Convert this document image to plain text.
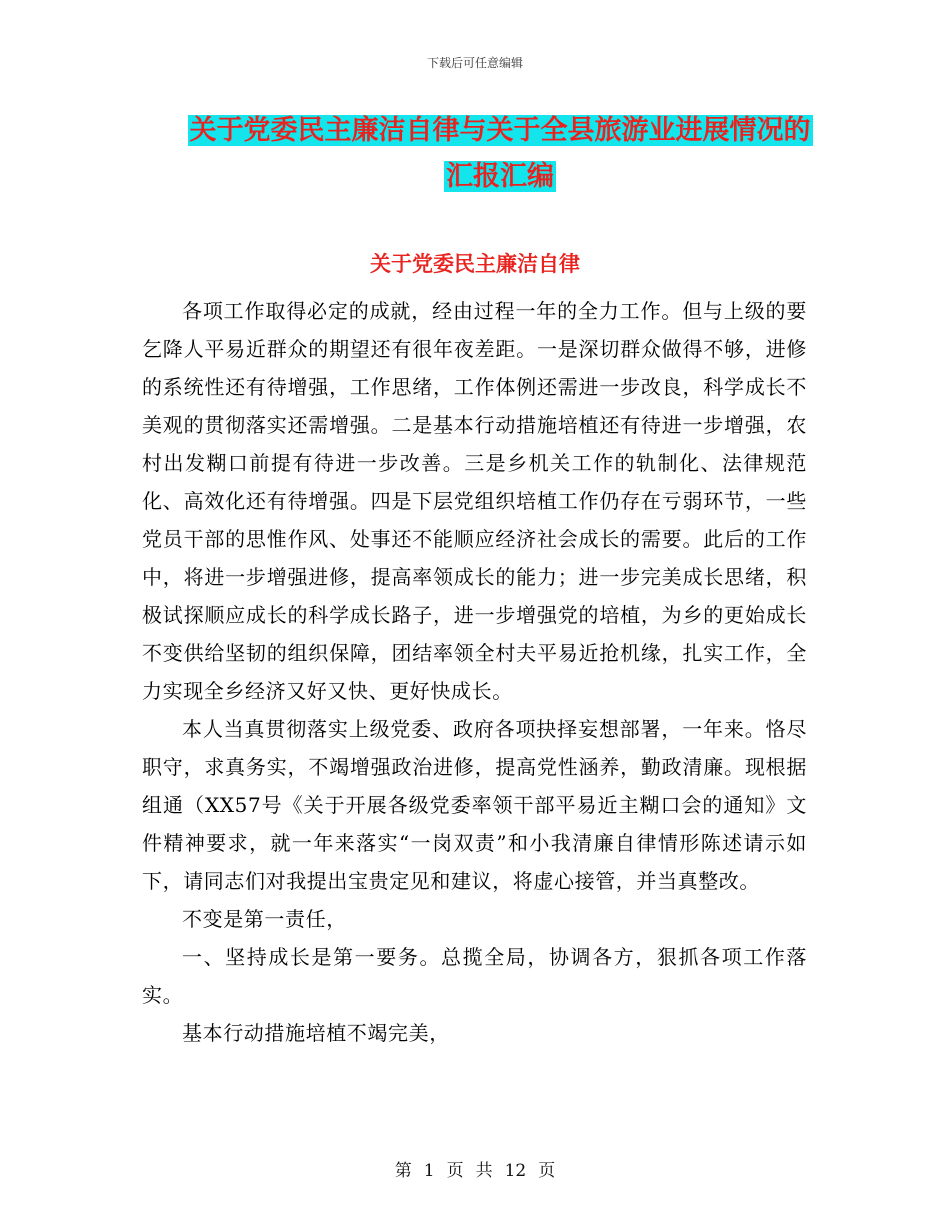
下载后可任意编辑
关于党委民主廉洁自律与关于全县旅游业进展情况的
汇报汇编
关于党委民主廉洁自律

各项工作取得必定的成就，经由过程一年的全力工作。但与上级的要乞降人平易近群众的期望还有很年夜差距。一是深切群众做得不够，进修的系统性还有待增强，工作思绪，工作体例还需进一步改良，科学成长不美观的贯彻落实还需增强。二是基本行动措施培植还有待进一步增强，农村出发糊口前提有待进一步改善。三是乡机关工作的轨制化、法律规范化、高效化还有待增强。四是下层党组织培植工作仍存在亏弱环节，一些党员干部的思惟作风、处事还不能顺应经济社会成长的需要。此后的工作中，将进一步增强进修，提高率领成长的能力；进一步完美成长思绪，积极试探顺应成长的科学成长路子，进一步增强党的培植，为乡的更始成长不变供给坚韧的组织保障，团结率领全村夫平易近抢机缘，扎实工作，全力实现全乡经济又好又快、更好快成长。

本人当真贯彻落实上级党委、政府各项抉择妄想部署，一年来。恪尽职守，求真务实，不竭增强政治进修，提高党性涵养，勤政清廉。现根据组通（XX57号《关于开展各级党委率领干部平易近主糊口会的通知》文件精神要求，就一年来落实“一岗双责”和小我清廉自律情形陈述请示如下，请同志们对我提出宝贵定见和建议，将虚心接管，并当真整改。

不变是第一责任，

一、坚持成长是第一要务。总揽全局，协调各方，狠抓各项工作落实。

基本行动措施培植不竭完美，

第 1 页 共 12 页
